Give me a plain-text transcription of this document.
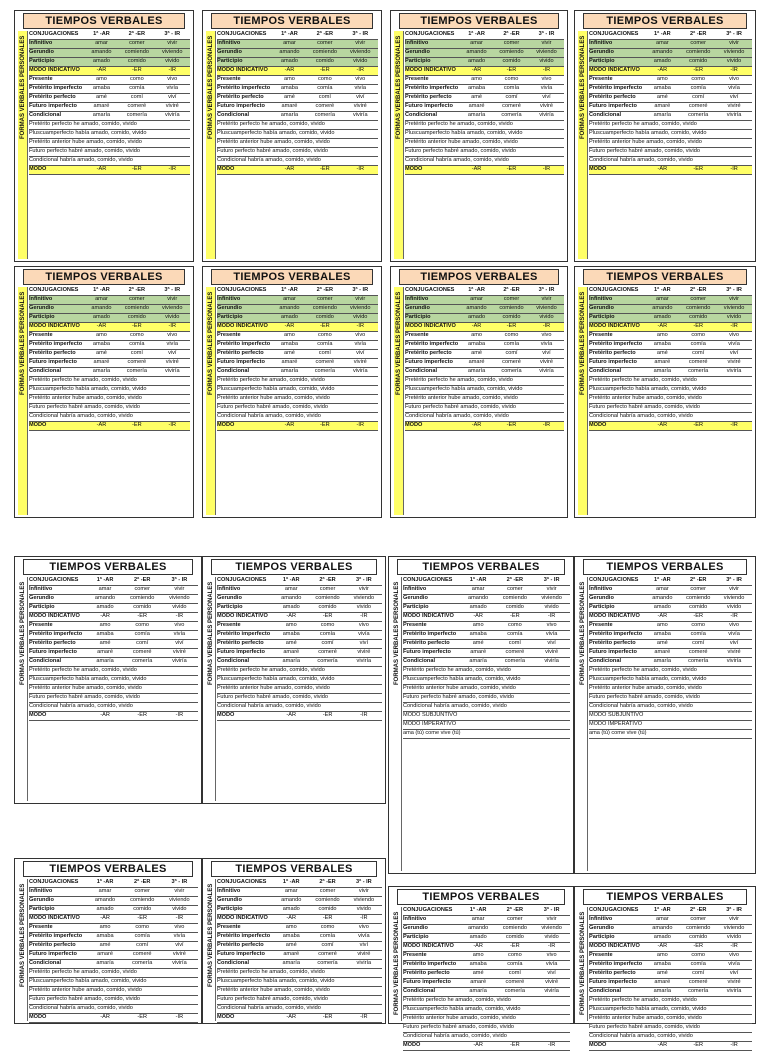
TIEMPOS VERBALES
FORMAS VERBALES PERSONALES
CONJUGACIONES	1ª -AR	2ª -ER	3ª - IR
Infinitivo	amar	comer	vivir
Gerundio	amando	comiendo	viviendo
Participio	amado	comido	vivido
MODO INDICATIVO	-AR	-ER	-IR
Presente	amo	como	vivo
Pretérito imperfecto	amaba	comía	vivía
Pretérito perfecto	amé	comí	viví
Futuro imperfecto	amaré	comeré	viviré
Condicional	amaría	comería	viviría
Pretérito perfecto he amado, comido, vivido
Pluscuamperfecto había amado, comido, vivido
Pretérito anterior hube amado, comido, vivido
Futuro perfecto habré amado, comido, vivido
Condicional habría amado, comido, vivido
MODO	-AR	-ER	-IR
TIEMPOS VERBALES
FORMAS VERBALES PERSONALES
CONJUGACIONES	1ª -AR	2ª -ER	3ª - IR
Infinitivo	amar	comer	vivir
Gerundio	amando	comiendo	viviendo
Participio	amado	comido	vivido
MODO INDICATIVO	-AR	-ER	-IR
Presente	amo	como	vivo
Pretérito imperfecto	amaba	comía	vivía
Pretérito perfecto	amé	comí	viví
Futuro imperfecto	amaré	comeré	viviré
Condicional	amaría	comería	viviría
Pretérito perfecto he amado, comido, vivido
Pluscuamperfecto había amado, comido, vivido
Pretérito anterior hube amado, comido, vivido
Futuro perfecto habré amado, comido, vivido
Condicional habría amado, comido, vivido
MODO	-AR	-ER	-IR
TIEMPOS VERBALES
FORMAS VERBALES PERSONALES
CONJUGACIONES	1ª -AR	2ª -ER	3ª - IR
Infinitivo	amar	comer	vivir
Gerundio	amando	comiendo	viviendo
Participio	amado	comido	vivido
MODO INDICATIVO	-AR	-ER	-IR
Presente	amo	como	vivo
Pretérito imperfecto	amaba	comía	vivía
Pretérito perfecto	amé	comí	viví
Futuro imperfecto	amaré	comeré	viviré
Condicional	amaría	comería	viviría
Pretérito perfecto he amado, comido, vivido
Pluscuamperfecto había amado, comido, vivido
Pretérito anterior hube amado, comido, vivido
Futuro perfecto habré amado, comido, vivido
Condicional habría amado, comido, vivido
MODO	-AR	-ER	-IR
TIEMPOS VERBALES
FORMAS VERBALES PERSONALES
CONJUGACIONES	1ª -AR	2ª -ER	3ª - IR
Infinitivo	amar	comer	vivir
Gerundio	amando	comiendo	viviendo
Participio	amado	comido	vivido
MODO INDICATIVO	-AR	-ER	-IR
Presente	amo	como	vivo
Pretérito imperfecto	amaba	comía	vivía
Pretérito perfecto	amé	comí	viví
Futuro imperfecto	amaré	comeré	viviré
Condicional	amaría	comería	viviría
Pretérito perfecto he amado, comido, vivido
Pluscuamperfecto había amado, comido, vivido
Pretérito anterior hube amado, comido, vivido
Futuro perfecto habré amado, comido, vivido
Condicional habría amado, comido, vivido
MODO	-AR	-ER	-IR
TIEMPOS VERBALES
FORMAS VERBALES PERSONALES
CONJUGACIONES	1ª -AR	2ª -ER	3ª - IR
Infinitivo	amar	comer	vivir
Gerundio	amando	comiendo	viviendo
Participio	amado	comido	vivido
MODO INDICATIVO	-AR	-ER	-IR
Presente	amo	como	vivo
Pretérito imperfecto	amaba	comía	vivía
Pretérito perfecto	amé	comí	viví
Futuro imperfecto	amaré	comeré	viviré
Condicional	amaría	comería	viviría
Pretérito perfecto he amado, comido, vivido
Pluscuamperfecto había amado, comido, vivido
Pretérito anterior hube amado, comido, vivido
Futuro perfecto habré amado, comido, vivido
Condicional habría amado, comido, vivido
MODO	-AR	-ER	-IR
TIEMPOS VERBALES
FORMAS VERBALES PERSONALES
CONJUGACIONES	1ª -AR	2ª -ER	3ª - IR
Infinitivo	amar	comer	vivir
Gerundio	amando	comiendo	viviendo
Participio	amado	comido	vivido
MODO INDICATIVO	-AR	-ER	-IR
Presente	amo	como	vivo
Pretérito imperfecto	amaba	comía	vivía
Pretérito perfecto	amé	comí	viví
Futuro imperfecto	amaré	comeré	viviré
Condicional	amaría	comería	viviría
Pretérito perfecto he amado, comido, vivido
Pluscuamperfecto había amado, comido, vivido
Pretérito anterior hube amado, comido, vivido
Futuro perfecto habré amado, comido, vivido
Condicional habría amado, comido, vivido
MODO	-AR	-ER	-IR
TIEMPOS VERBALES
FORMAS VERBALES PERSONALES
CONJUGACIONES	1ª -AR	2ª -ER	3ª - IR
Infinitivo	amar	comer	vivir
Gerundio	amando	comiendo	viviendo
Participio	amado	comido	vivido
MODO INDICATIVO	-AR	-ER	-IR
Presente	amo	como	vivo
Pretérito imperfecto	amaba	comía	vivía
Pretérito perfecto	amé	comí	viví
Futuro imperfecto	amaré	comeré	viviré
Condicional	amaría	comería	viviría
Pretérito perfecto he amado, comido, vivido
Pluscuamperfecto había amado, comido, vivido
Pretérito anterior hube amado, comido, vivido
Futuro perfecto habré amado, comido, vivido
Condicional habría amado, comido, vivido
MODO	-AR	-ER	-IR
TIEMPOS VERBALES
FORMAS VERBALES PERSONALES
CONJUGACIONES	1ª -AR	2ª -ER	3ª - IR
Infinitivo	amar	comer	vivir
Gerundio	amando	comiendo	viviendo
Participio	amado	comido	vivido
MODO INDICATIVO	-AR	-ER	-IR
Presente	amo	como	vivo
Pretérito imperfecto	amaba	comía	vivía
Pretérito perfecto	amé	comí	viví
Futuro imperfecto	amaré	comeré	viviré
Condicional	amaría	comería	viviría
Pretérito perfecto he amado, comido, vivido
Pluscuamperfecto había amado, comido, vivido
Pretérito anterior hube amado, comido, vivido
Futuro perfecto habré amado, comido, vivido
Condicional habría amado, comido, vivido
MODO	-AR	-ER	-IR
TIEMPOS VERBALES
FORMAS VERBALES PERSONALES
CONJUGACIONES	1ª -AR	2ª -ER	3ª - IR
Infinitivo	amar	comer	vivir
Gerundio	amando	comiendo	viviendo
Participio	amado	comido	vivido
MODO INDICATIVO	-AR	-ER	-IR
Presente	amo	como	vivo
Pretérito imperfecto	amaba	comía	vivía
Pretérito perfecto	amé	comí	viví
Futuro imperfecto	amaré	comeré	viviré
Condicional	amaría	comería	viviría
Pretérito perfecto he amado, comido, vivido
Pluscuamperfecto había amado, comido, vivido
Pretérito anterior hube amado, comido, vivido
Futuro perfecto habré amado, comido, vivido
Condicional habría amado, comido, vivido
MODO	-AR	-ER	-IR
TIEMPOS VERBALES
FORMAS VERBALES PERSONALES
CONJUGACIONES	1ª -AR	2ª -ER	3ª - IR
Infinitivo	amar	comer	vivir
Gerundio	amando	comiendo	viviendo
Participio	amado	comido	vivido
MODO INDICATIVO	-AR	-ER	-IR
Presente	amo	como	vivo
Pretérito imperfecto	amaba	comía	vivía
Pretérito perfecto	amé	comí	viví
Futuro imperfecto	amaré	comeré	viviré
Condicional	amaría	comería	viviría
Pretérito perfecto he amado, comido, vivido
Pluscuamperfecto había amado, comido, vivido
Pretérito anterior hube amado, comido, vivido
Futuro perfecto habré amado, comido, vivido
Condicional habría amado, comido, vivido
MODO	-AR	-ER	-IR
TIEMPOS VERBALES
FORMAS VERBALES PERSONALES
CONJUGACIONES	1ª -AR	2ª -ER	3ª - IR
Infinitivo	amar	comer	vivir
Gerundio	amando	comiendo	viviendo
Participio	amado	comido	vivido
MODO INDICATIVO	-AR	-ER	-IR
Presente	amo	como	vivo
Pretérito imperfecto	amaba	comía	vivía
Pretérito perfecto	amé	comí	viví
Futuro imperfecto	amaré	comeré	viviré
Condicional	amaría	comería	viviría
Pretérito perfecto he amado, comido, vivido
Pluscuamperfecto había amado, comido, vivido
Pretérito anterior hube amado, comido, vivido
Futuro perfecto habré amado, comido, vivido
Condicional habría amado, comido, vivido
MODO SUBJUNTIVO
MODO IMPERATIVO
ama (tú) come vive (tú)
TIEMPOS VERBALES
FORMAS VERBALES PERSONALES
CONJUGACIONES	1ª -AR	2ª -ER	3ª - IR
Infinitivo	amar	comer	vivir
Gerundio	amando	comiendo	viviendo
Participio	amado	comido	vivido
MODO INDICATIVO	-AR	-ER	-IR
Presente	amo	como	vivo
Pretérito imperfecto	amaba	comía	vivía
Pretérito perfecto	amé	comí	viví
Futuro imperfecto	amaré	comeré	viviré
Condicional	amaría	comería	viviría
Pretérito perfecto he amado, comido, vivido
Pluscuamperfecto había amado, comido, vivido
Pretérito anterior hube amado, comido, vivido
Futuro perfecto habré amado, comido, vivido
Condicional habría amado, comido, vivido
MODO SUBJUNTIVO
MODO IMPERATIVO
ama (tú) come vive (tú)
TIEMPOS VERBALES
FORMAS VERBALES PERSONALES
CONJUGACIONES	1ª -AR	2ª -ER	3ª - IR
Infinitivo	amar	comer	vivir
Gerundio	amando	comiendo	viviendo
Participio	amado	comido	vivido
MODO INDICATIVO	-AR	-ER	-IR
Presente	amo	como	vivo
Pretérito imperfecto	amaba	comía	vivía
Pretérito perfecto	amé	comí	viví
Futuro imperfecto	amaré	comeré	viviré
Condicional	amaría	comería	viviría
Pretérito perfecto he amado, comido, vivido
Pluscuamperfecto había amado, comido, vivido
Pretérito anterior hube amado, comido, vivido
Futuro perfecto habré amado, comido, vivido
Condicional habría amado, comido, vivido
MODO	-AR	-ER	-IR
TIEMPOS VERBALES
FORMAS VERBALES PERSONALES
CONJUGACIONES	1ª -AR	2ª -ER	3ª - IR
Infinitivo	amar	comer	vivir
Gerundio	amando	comiendo	viviendo
Participio	amado	comido	vivido
MODO INDICATIVO	-AR	-ER	-IR
Presente	amo	como	vivo
Pretérito imperfecto	amaba	comía	vivía
Pretérito perfecto	amé	comí	viví
Futuro imperfecto	amaré	comeré	viviré
Condicional	amaría	comería	viviría
Pretérito perfecto he amado, comido, vivido
Pluscuamperfecto había amado, comido, vivido
Pretérito anterior hube amado, comido, vivido
Futuro perfecto habré amado, comido, vivido
Condicional habría amado, comido, vivido
MODO	-AR	-ER	-IR
TIEMPOS VERBALES
FORMAS VERBALES PERSONALES
CONJUGACIONES	1ª -AR	2ª -ER	3ª - IR
Infinitivo	amar	comer	vivir
Gerundio	amando	comiendo	viviendo
Participio	amado	comido	vivido
MODO INDICATIVO	-AR	-ER	-IR
Presente	amo	como	vivo
Pretérito imperfecto	amaba	comía	vivía
Pretérito perfecto	amé	comí	viví
Futuro imperfecto	amaré	comeré	viviré
Condicional	amaría	comería	viviría
Pretérito perfecto he amado, comido, vivido
Pluscuamperfecto había amado, comido, vivido
Pretérito anterior hube amado, comido, vivido
Futuro perfecto habré amado, comido, vivido
Condicional habría amado, comido, vivido
MODO	-AR	-ER	-IR
TIEMPOS VERBALES
FORMAS VERBALES PERSONALES
CONJUGACIONES	1ª -AR	2ª -ER	3ª - IR
Infinitivo	amar	comer	vivir
Gerundio	amando	comiendo	viviendo
Participio	amado	comido	vivido
MODO INDICATIVO	-AR	-ER	-IR
Presente	amo	como	vivo
Pretérito imperfecto	amaba	comía	vivía
Pretérito perfecto	amé	comí	viví
Futuro imperfecto	amaré	comeré	viviré
Condicional	amaría	comería	viviría
Pretérito perfecto he amado, comido, vivido
Pluscuamperfecto había amado, comido, vivido
Pretérito anterior hube amado, comido, vivido
Futuro perfecto habré amado, comido, vivido
Condicional habría amado, comido, vivido
MODO	-AR	-ER	-IR
